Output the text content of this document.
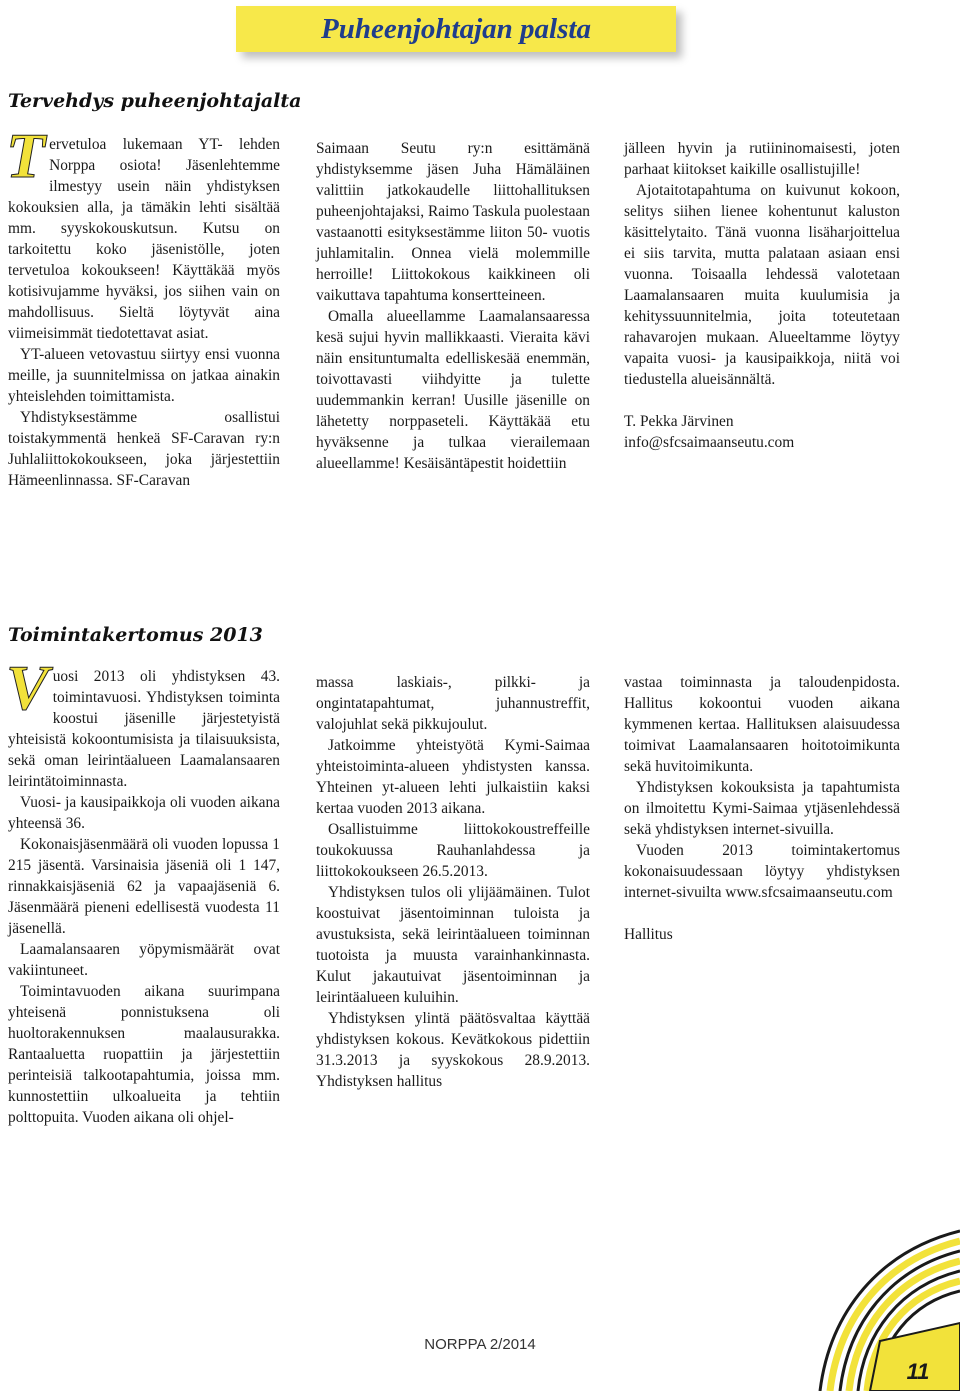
Puheenjohtajan palsta
Tervehdys puheenjohtajalta
T ervetuloa lukemaan YT- lehden Norppa osiota! Jäsenlehtemme ilmestyy usein näin yhdistyksen kokouksien alla, ja tämäkin lehti sisältää mm. syyskokouskutsun. Kutsu on tarkoitettu koko jäsenistölle, joten tervetuloa kokoukseen! Käyttäkää myös kotisivujamme hyväksi, jos siihen vain on mahdollisuus. Sieltä löytyvät aina viimeisimmät tiedotettavat asiat.

YT-alueen vetovastuu siirtyy ensi vuonna meille, ja suunnitelmissa on jatkaa ainakin yhteislehden toimittamista.

Yhdistyksestämme osallistui toistakymmentä henkeä SF-Caravan ry:n Juhlaliittokokoukseen, joka järjestettiin Hämeenlinnassa. SF-Caravan

Saimaan Seutu ry:n esittämänä yhdistyksemme jäsen Juha Hämäläinen valittiin jatkokaudelle liittohallituksen puheenjohtajaksi, Raimo Taskula puolestaan vastaanotti esityksestämme liiton 50- vuotis juhlamitalin. Onnea vielä molemmille herroille! Liittokokous kaikkineen oli vaikuttava tapahtuma konsertteineen.

Omalla alueellamme Laamalansaaressa kesä sujui hyvin mallikkaasti. Vieraita kävi näin ensituntumalta edelliskesää enemmän, toivottavasti viihdyitte ja tulette uudemmankin kerran! Uusille jäsenille on lähetetty norppaseteli. Käyttäkää etu hyväksenne ja tulkaa vierailemaan alueellamme! Kesäisäntäpestit hoidettiin

jälleen hyvin ja rutiininomaisesti, joten parhaat kiitokset kaikille osallistujille!

Ajotaitotapahtuma on kuivunut kokoon, selitys siihen lienee kohentunut kaluston käsittelytaito. Tänä vuonna lisäharjoittelua ei siis tarvita, mutta palataan asiaan ensi vuonna. Toisaalla lehdessä valotetaan Laamalansaaren muita kuulumisia ja kehityssuunnitelmia, joita toteutetaan rahavarojen mukaan. Alueeltamme löytyy vapaita vuosi- ja kausipaikkoja, niitä voi tiedustella alueisännältä.

T. Pekka Järvinen

info@sfcsaimaanseutu.com

Toimintakertomus 2013
V uosi 2013 oli yhdistyksen 43. toimintavuosi. Yhdistyksen toiminta koostui jäsenille järjestetyistä yhteisistä kokoontumisista ja tilaisuuksista, sekä oman leirintäalueen Laamalansaaren leirintätoiminnasta.

Vuosi- ja kausipaikkoja oli vuoden aikana yhteensä 36.

Kokonaisjäsenmäärä oli vuoden lopussa 1 215 jäsentä. Varsinaisia jäseniä oli 1 147, rinnakkaisjäseniä 62 ja vapaajäseniä 6. Jäsenmäärä pieneni edellisestä vuodesta 11 jäsenellä.

Laamalansaaren yöpymismäärät ovat vakiintuneet.

Toimintavuoden aikana suurimpana yhteisenä ponnistuksena oli huoltorakennuksen maalausurakka. Rantaaluetta ruopattiin ja järjestettiin perinteisiä talkootapahtumia, joissa mm. kunnostettiin ulkoalueita ja tehtiin polttopuita. Vuoden aikana oli ohjel-

massa laskiais-, pilkki- ja ongintatapahtumat, juhannustreffit, valojuhlat sekä pikkujoulut.

Jatkoimme yhteistyötä Kymi-Saimaa yhteistoiminta-alueen yhdistysten kanssa. Yhteinen yt-alueen lehti julkaistiin kaksi kertaa vuoden 2013 aikana.

Osallistuimme liittokokoustreffeille toukokuussa Rauhanlahdessa ja liittokokoukseen 26.5.2013.

Yhdistyksen tulos oli ylijäämäinen. Tulot koostuivat jäsentoiminnan tuloista ja avustuksista, sekä leirintäalueen toiminnan tuotoista ja muusta varainhankinnasta. Kulut jakautuivat jäsentoiminnan ja leirintäalueen kuluihin.

Yhdistyksen ylintä päätösvaltaa käyttää yhdistyksen kokous. Kevätkokous pidettiin 31.3.2013 ja syyskokous 28.9.2013. Yhdistyksen hallitus

vastaa toiminnasta ja taloudenpidosta. Hallitus kokoontui vuoden aikana kymmenen kertaa. Hallituksen alaisuudessa toimivat Laamalansaaren hoitotoimikunta sekä huvitoimikunta.

Yhdistyksen kokouksista ja tapahtumista on ilmoitettu Kymi-Saimaa ytjäsenlehdessä sekä yhdistyksen internet-sivuilla.

Vuoden 2013 toimintakertomus kokonaisuudessaan löytyy yhdistyksen internet-sivuilta www.sfcsaimaanseutu.com

Hallitus

NORPPA 2/2014
11
